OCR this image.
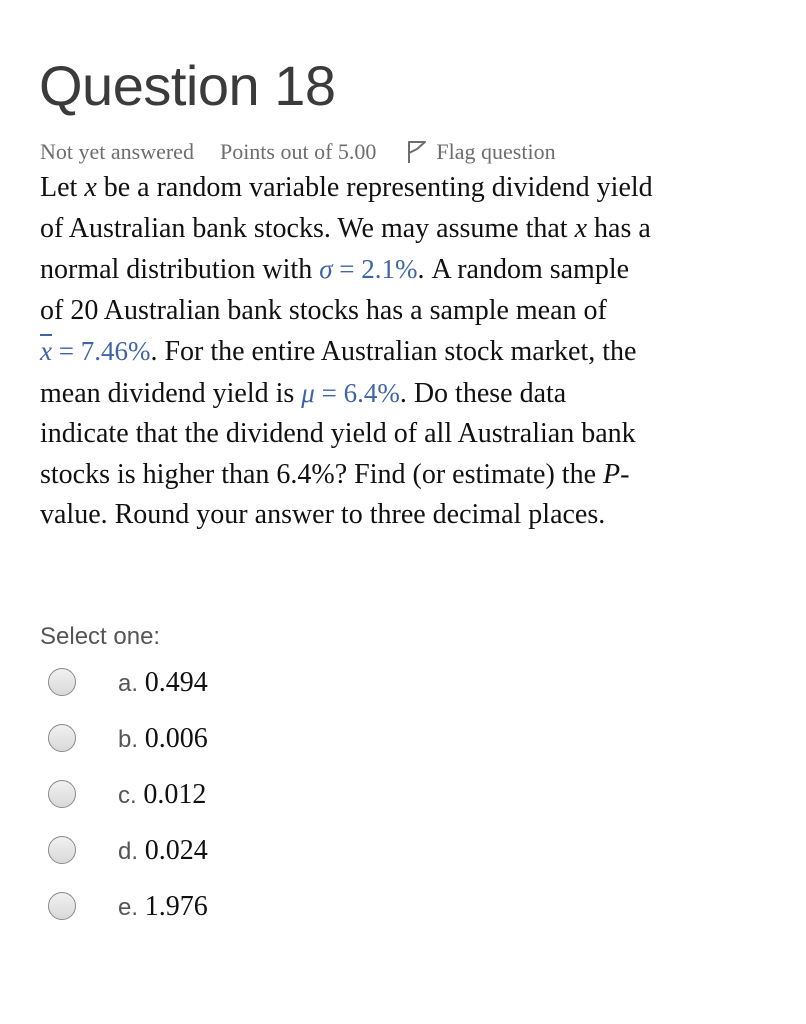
Question 18
Not yet answered Points out of 5.00	Flag question
Let x be a random variable representing dividend yield
of Australian bank stocks. We may assume that x has a
normal distribution with σ = 2.1%. A random sample
of 20 Australian bank stocks has a sample mean of
$\overline{x} = 7.46\%$. For the entire Australian stock market, the
mean dividend yield is μ = 6.4%. Do these data
indicate that the dividend yield of all Australian bank
stocks is higher than 6.4%? Find (or estimate) the P-
value. Round your answer to three decimal places.
Select one:
a. 0.494
b. 0.006
c. 0.012
d. 0.024
e. 1.976
